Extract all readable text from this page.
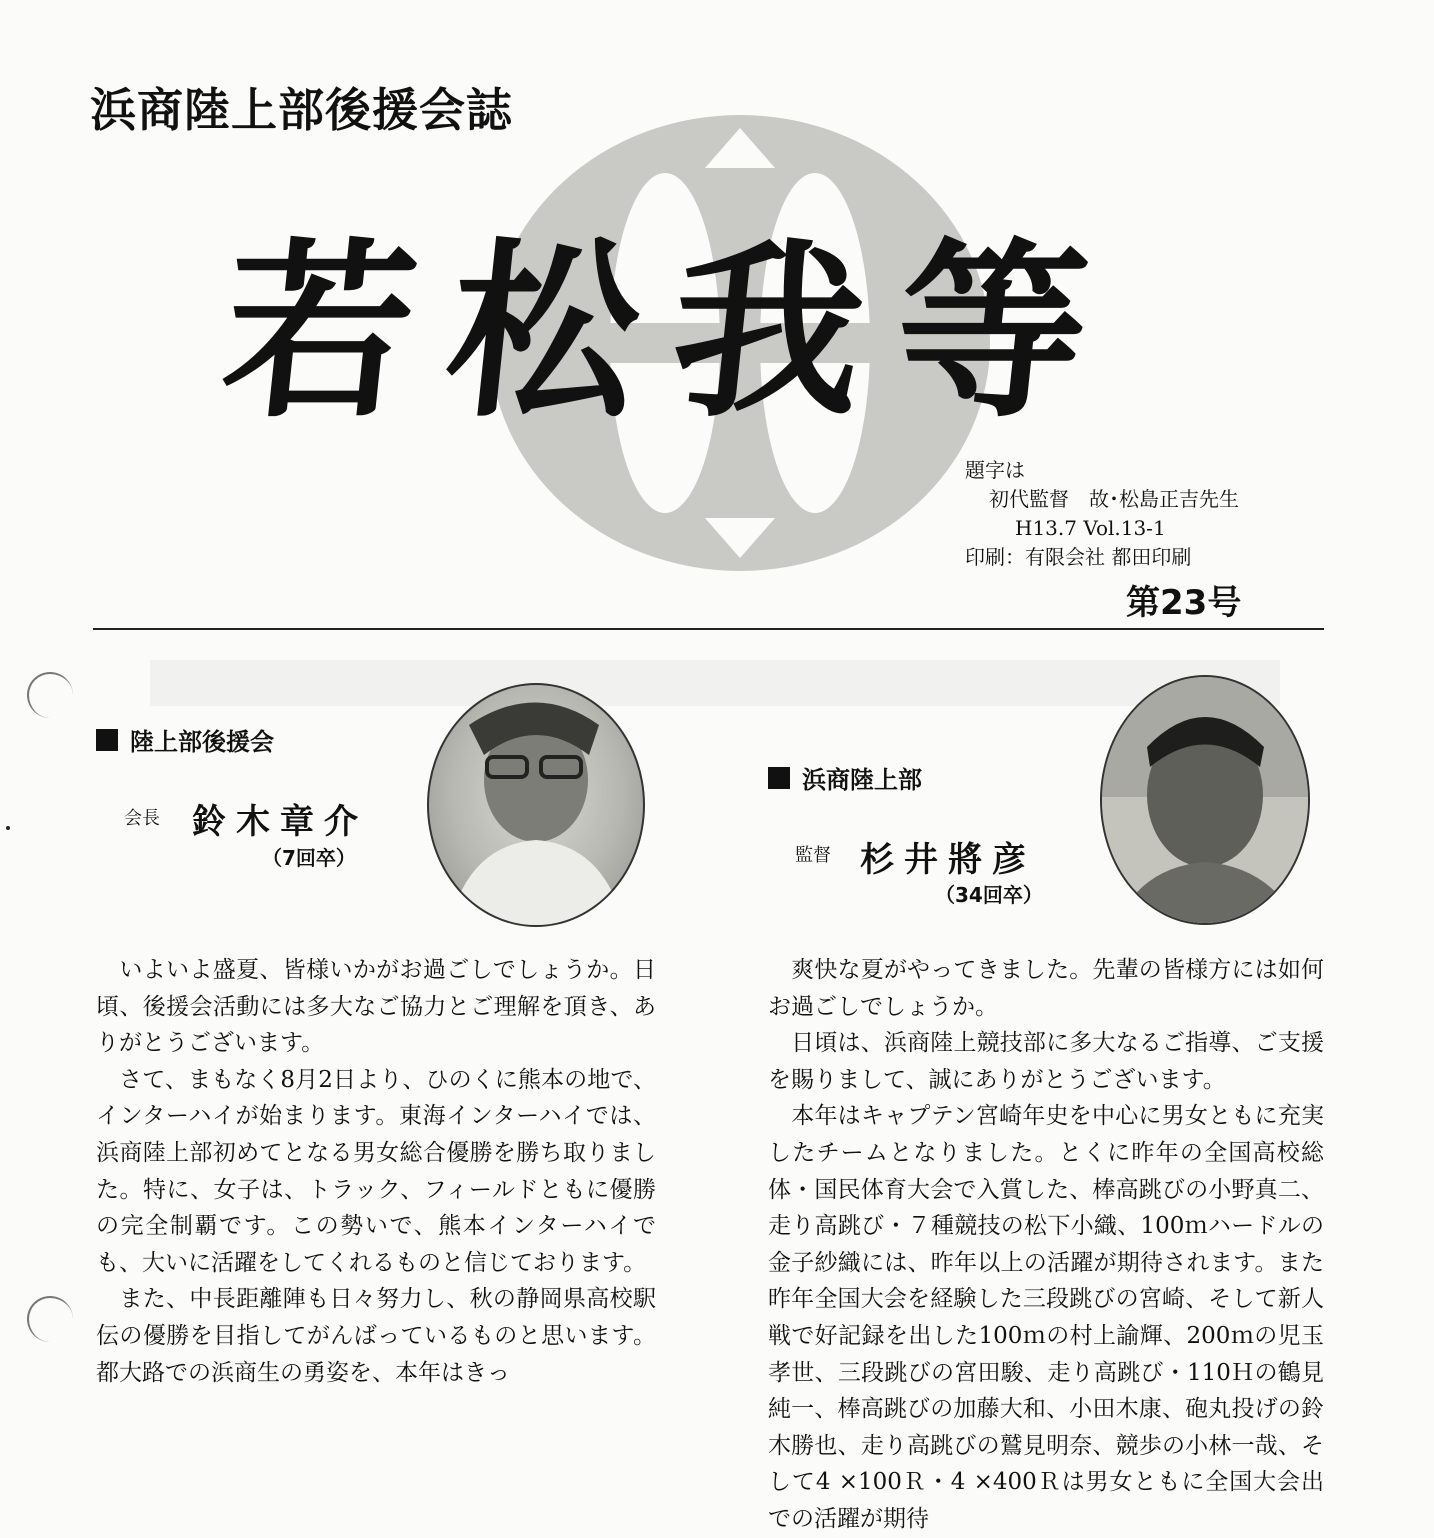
浜商陸上部後援会誌
若松我等
題字は
初代監督　故･松島正吉先生
H13.7 Vol.13-1
印刷：有限会社 都田印刷
第23号
陸上部後援会
会長 鈴木章介
（7回卒）

　いよいよ盛夏、皆様いかがお過ごしでしょうか。日頃、後援会活動には多大なご協力とご理解を頂き、ありがとうございます。

　さて、まもなく8月2日より、ひのくに熊本の地で、インターハイが始まります。東海インターハイでは、浜商陸上部初めてとなる男女総合優勝を勝ち取りました。特に、女子は、トラック、フィールドともに優勝の完全制覇です。この勢いで、熊本インターハイでも、大いに活躍をしてくれるものと信じております。

　また、中長距離陣も日々努力し、秋の静岡県高校駅伝の優勝を目指してがんばっているものと思います。都大路での浜商生の勇姿を、本年はきっ

浜商陸上部
監督 杉井將彦
（34回卒）

　爽快な夏がやってきました。先輩の皆様方には如何お過ごしでしょうか。

　日頃は、浜商陸上競技部に多大なるご指導、ご支援を賜りまして、誠にありがとうございます。

　本年はキャプテン宮崎年史を中心に男女ともに充実したチームとなりました。とくに昨年の全国高校総体・国民体育大会で入賞した、棒高跳びの小野真二、走り高跳び・７種競技の松下小織、100ｍハードルの金子紗織には、昨年以上の活躍が期待されます。また昨年全国大会を経験した三段跳びの宮崎、そして新人戦で好記録を出した100ｍの村上諭輝、200ｍの児玉孝世、三段跳びの宮田駿、走り高跳び・110Ｈの鶴見純一、棒高跳びの加藤大和、小田木康、砲丸投げの鈴木勝也、走り高跳びの鷲見明奈、競歩の小林一哉、そして4 ×100Ｒ・4 ×400Ｒは男女ともに全国大会出での活躍が期待
